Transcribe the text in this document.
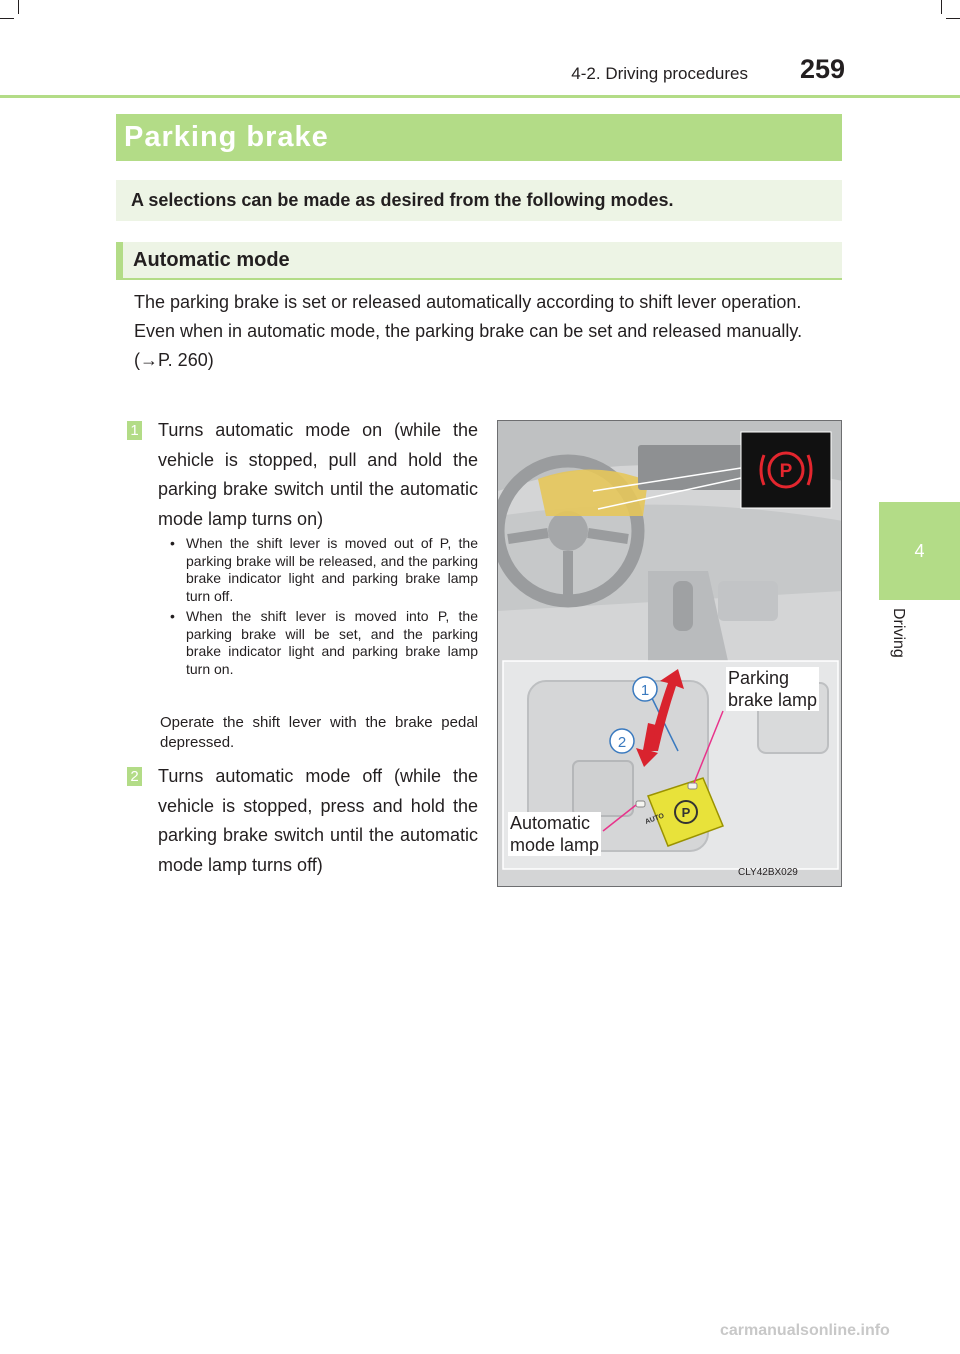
4-2. Driving procedures 259
4
Driving
Parking brake
A selections can be made as desired from the following modes.
Automatic mode

The parking brake is set or released automatically according to shift lever operation.

Even when in automatic mode, the parking brake can be set and released manually. (→P. 260)

1 Turns automatic mode on (while the vehicle is stopped, pull and hold the parking brake switch until the automatic mode lamp turns on)
• When the shift lever is moved out of P, the parking brake will be released, and the parking brake indicator light and parking brake lamp turn off.
• When the shift lever is moved into P, the parking brake will be set, and the parking brake indicator light and parking brake lamp turn on.
Operate the shift lever with the brake pedal depressed.
2 Turns automatic mode off (while the vehicle is stopped, press and hold the parking brake switch until the automatic mode lamp turns off)
P
P
AUTO
1
2
Parking
brake lamp
Automatic
mode lamp
CLY42BX029
carmanualsonline.info
